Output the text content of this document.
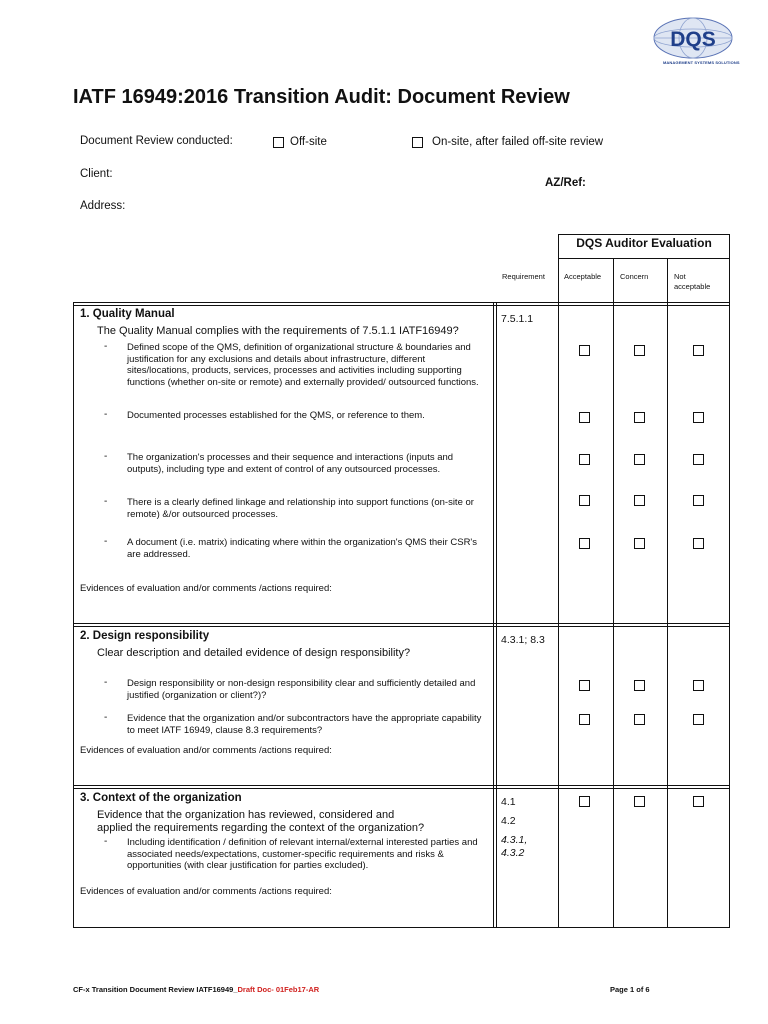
DQS
MANAGEMENT SYSTEMS SOLUTIONS
IATF 16949:2016 Transition Audit: Document Review
Document Review conducted:	Off-site	On-site, after failed off-site review
Client:
AZ/Ref:
Address:
DQS Auditor Evaluation
Requirement	Acceptable	Concern	Not
acceptable
1. Quality Manual
The Quality Manual complies with the requirements of 7.5.1.1 IATF16949?
7.5.1.1
- Defined scope of the QMS, definition of organizational structure & boundaries and justification for any exclusions and details about infrastructure, different sites/locations, products, services, processes and activities including supporting functions (whether on-site or remote) and externally provided/ outsourced functions.
- Documented processes established for the QMS, or reference to them.
- The organization's processes and their sequence and interactions (inputs and outputs), including type and extent of control of any outsourced processes.
- There is a clearly defined linkage and relationship into support functions (on-site or remote) &/or outsourced processes.
- A document (i.e. matrix) indicating where within the organization's QMS their CSR's are addressed.
Evidences of evaluation and/or comments /actions required:
2. Design responsibility
Clear description and detailed evidence of design responsibility?
4.3.1; 8.3
- Design responsibility or non-design responsibility clear and sufficiently detailed and justified (organization or client?)?
- Evidence that the organization and/or subcontractors have the appropriate capability to meet IATF 16949, clause 8.3 requirements?
Evidences of evaluation and/or comments /actions required:
3. Context of the organization
Evidence that the organization has reviewed, considered and applied the requirements regarding the context of the organization?
4.1
4.2
4.3.1,
4.3.2
- Including identification / definition of relevant internal/external interested parties and associated needs/expectations, customer-specific requirements and risks & opportunities (with clear justification for parties excluded).
Evidences of evaluation and/or comments /actions required:
CF-x Transition Document Review IATF16949_Draft Doc- 01Feb17-AR	Page 1 of 6
